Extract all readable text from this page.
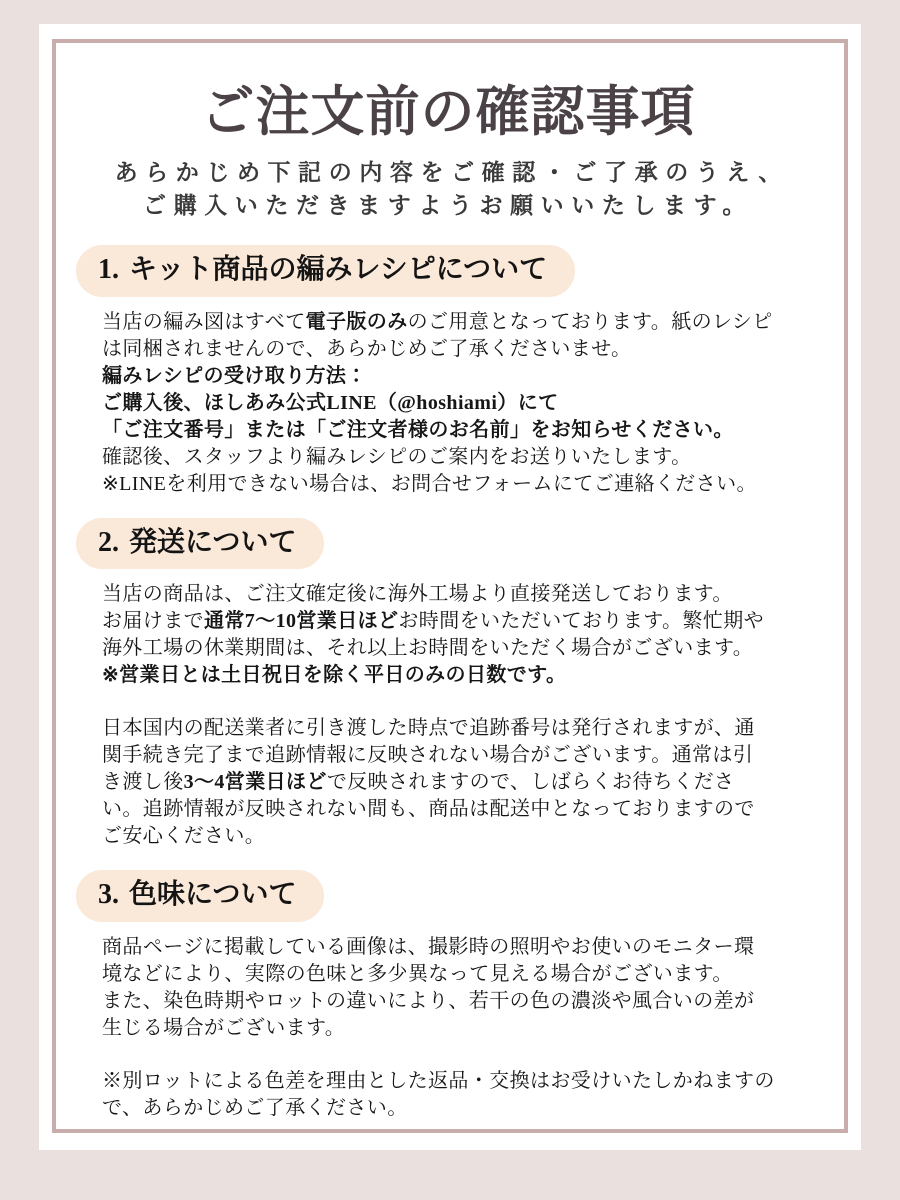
ご注文前の確認事項

あらかじめ下記の内容をご確認・ご了承のうえ、
ご購入いただきますようお願いいたします。

1. キット商品の編みレシピについて
当店の編み図はすべて電子版のみのご用意となっております。紙のレシピ
は同梱されませんので、あらかじめご了承くださいませ。
編みレシピの受け取り方法：
ご購入後、ほしあみ公式LINE（@hoshiami）にて
「ご注文番号」または「ご注文者様のお名前」をお知らせください。
確認後、スタッフより編みレシピのご案内をお送りいたします。
※LINEを利用できない場合は、お問合せフォームにてご連絡ください。
2. 発送について
当店の商品は、ご注文確定後に海外工場より直接発送しております。
お届けまで通常7〜10営業日ほどお時間をいただいております。繁忙期や
海外工場の休業期間は、それ以上お時間をいただく場合がございます。
※営業日とは土日祝日を除く平日のみの日数です。
日本国内の配送業者に引き渡した時点で追跡番号は発行されますが、通
関手続き完了まで追跡情報に反映されない場合がございます。通常は引
き渡し後3〜4営業日ほどで反映されますので、しばらくお待ちくださ
い。追跡情報が反映されない間も、商品は配送中となっておりますので
ご安心ください。
3. 色味について
商品ページに掲載している画像は、撮影時の照明やお使いのモニター環
境などにより、実際の色味と多少異なって見える場合がございます。
また、染色時期やロットの違いにより、若干の色の濃淡や風合いの差が
生じる場合がございます。
※別ロットによる色差を理由とした返品・交換はお受けいたしかねますの
で、あらかじめご了承ください。
